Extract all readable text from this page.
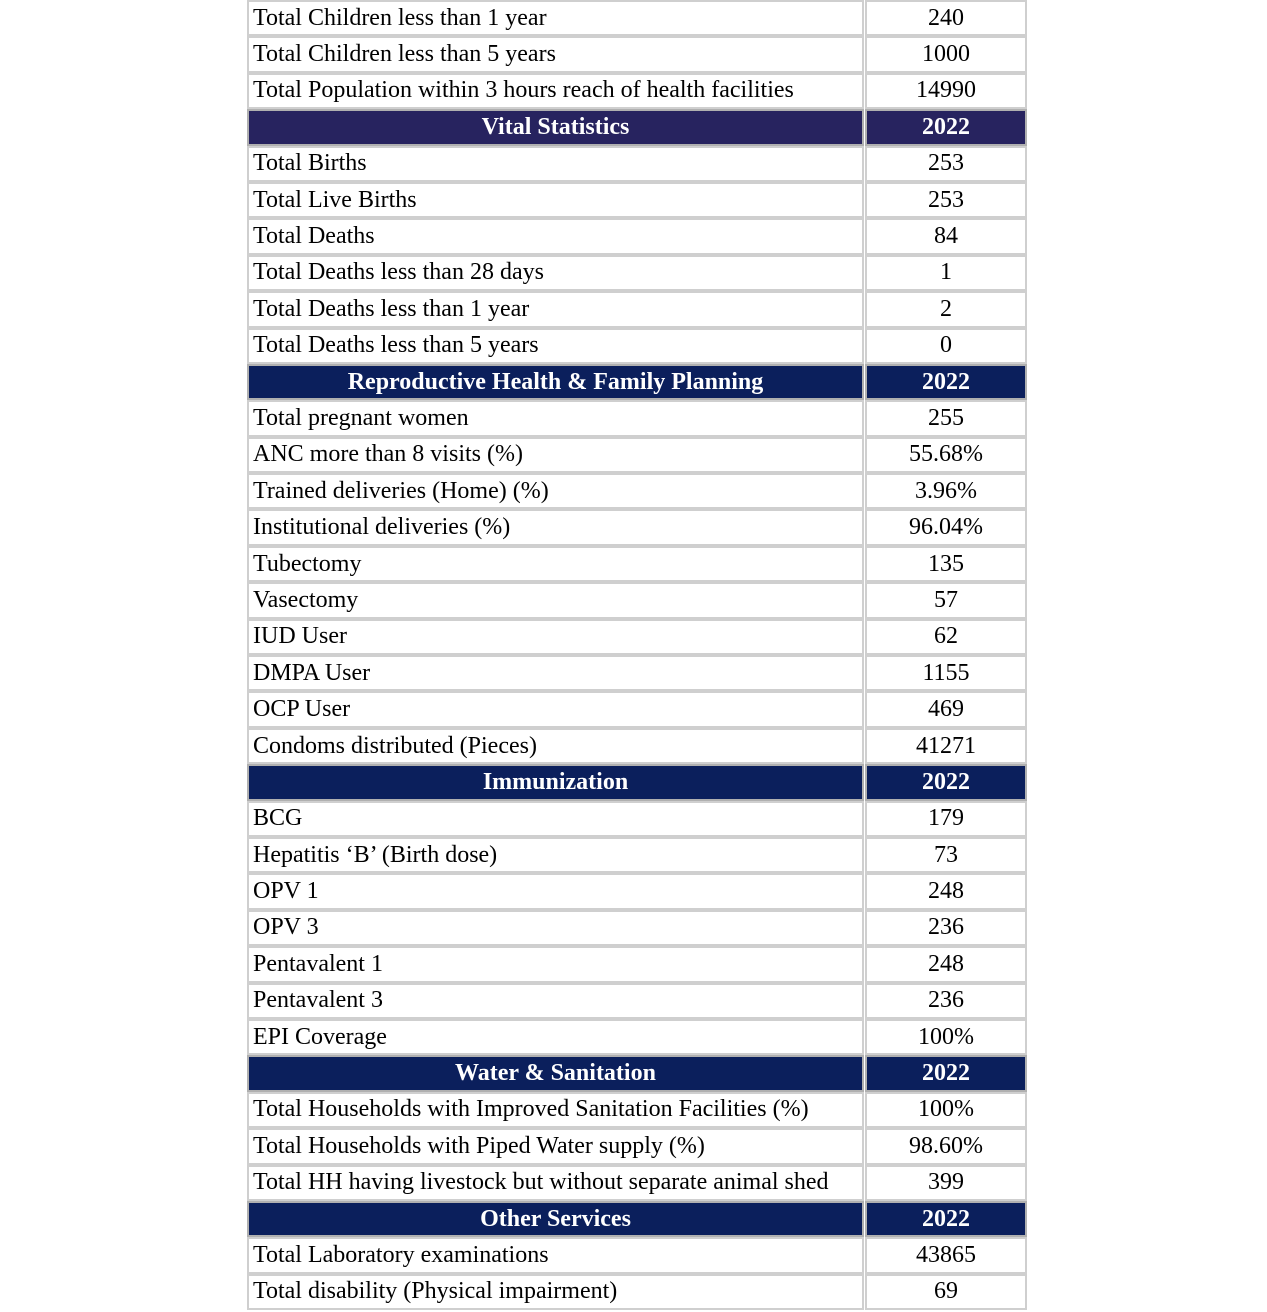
Total Children less than 1 year	240
Total Children less than 5 years	1000
Total Population within 3 hours reach of health facilities	14990
Vital Statistics	2022
Total Births	253
Total Live Births	253
Total Deaths	84
Total Deaths less than 28 days	1
Total Deaths less than 1 year	2
Total Deaths less than 5 years	0
Reproductive Health & Family Planning	2022
Total pregnant women	255
ANC more than 8 visits (%)	55.68%
Trained deliveries (Home) (%)	3.96%
Institutional deliveries (%)	96.04%
Tubectomy	135
Vasectomy	57
IUD User	62
DMPA User	1155
OCP User	469
Condoms distributed (Pieces)	41271
Immunization	2022
BCG	179
Hepatitis ‘B’ (Birth dose)	73
OPV 1	248
OPV 3	236
Pentavalent 1	248
Pentavalent 3	236
EPI Coverage	100%
Water & Sanitation	2022
Total Households with Improved Sanitation Facilities (%)	100%
Total Households with Piped Water supply (%)	98.60%
Total HH having livestock but without separate animal shed	399
Other Services	2022
Total Laboratory examinations	43865
Total disability (Physical impairment)	69
